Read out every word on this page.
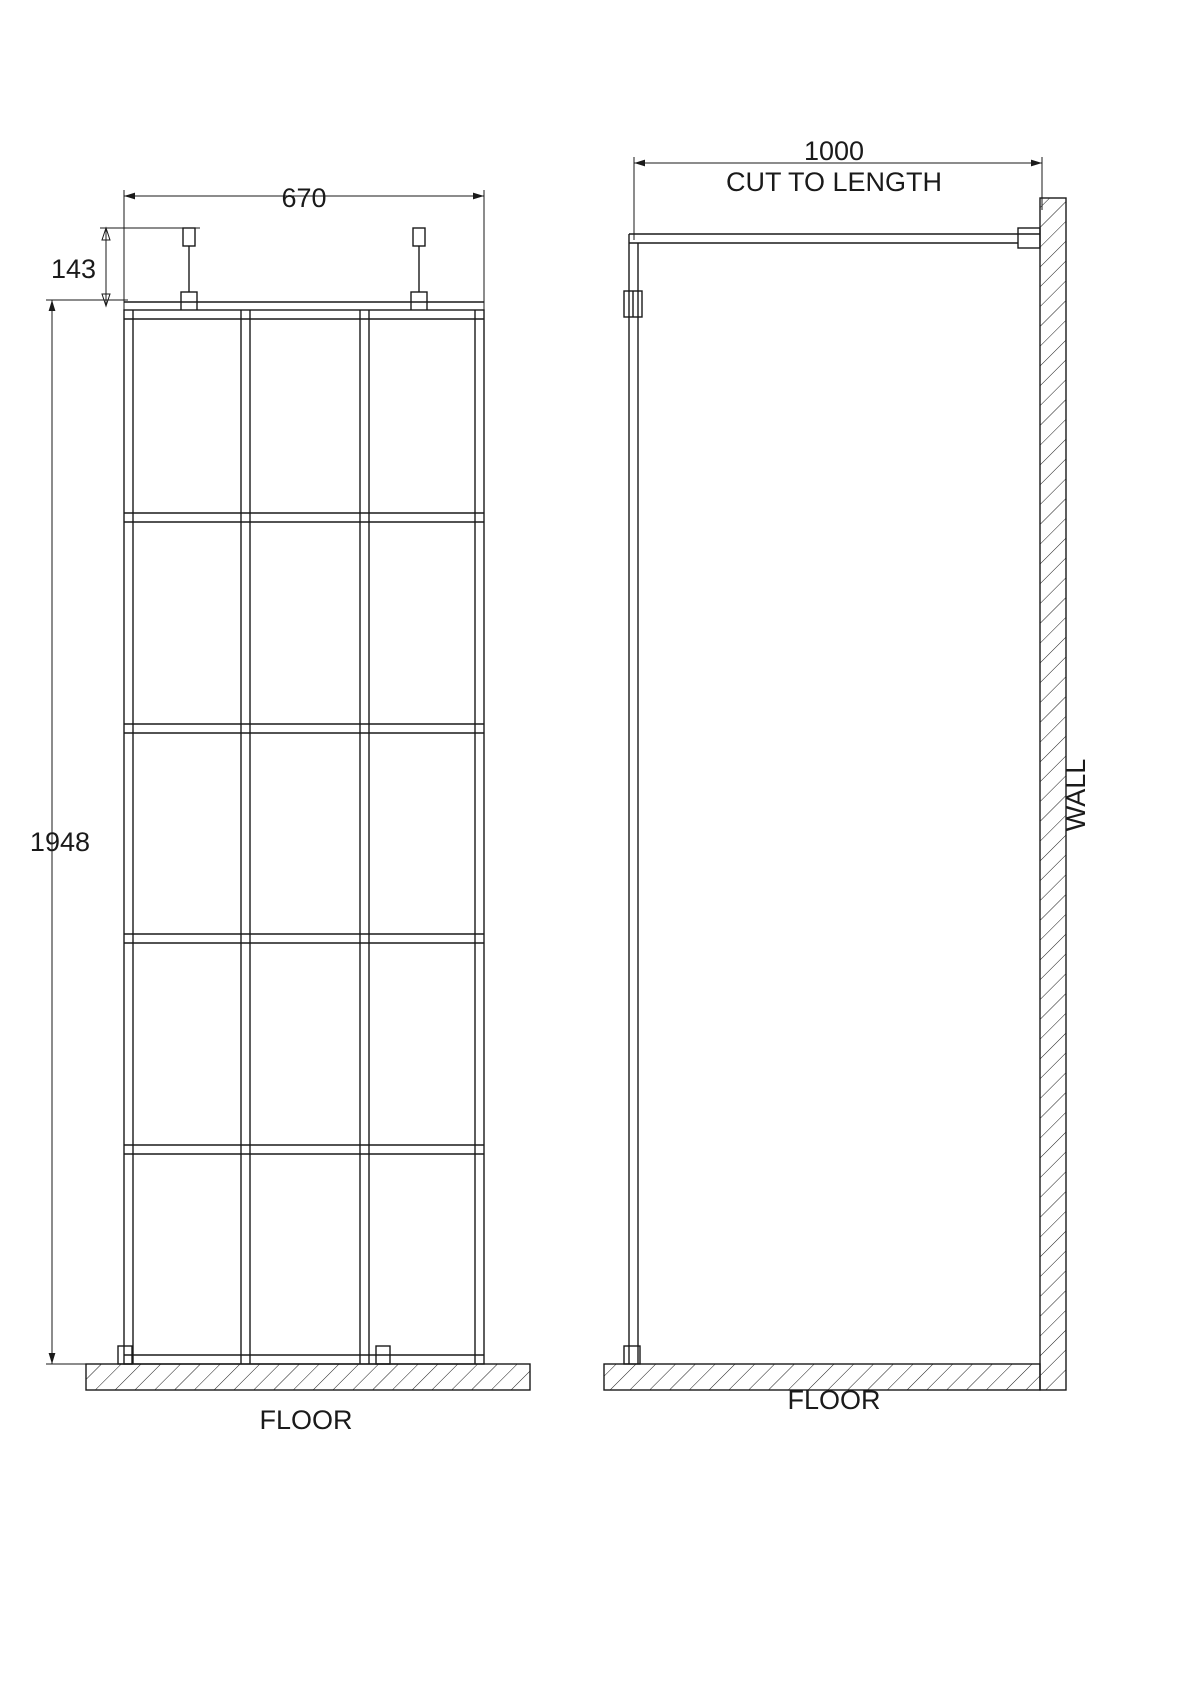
670
143
1948
FLOOR
1000
CUT TO LENGTH
FLOOR
WALL
